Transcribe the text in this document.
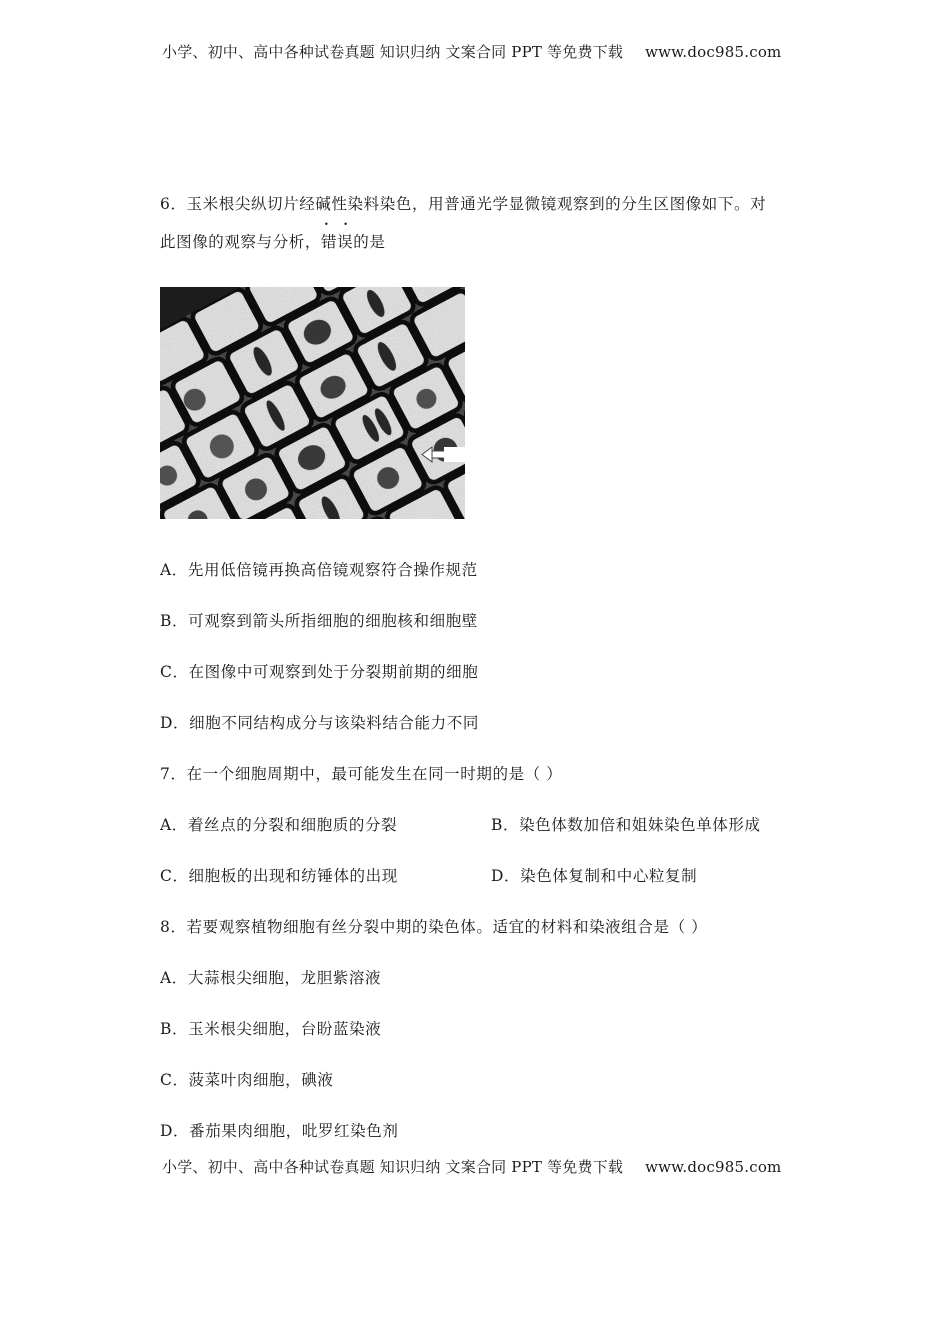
小学、初中、高中各种试卷真题 知识归纳 文案合同 PPT 等免费下载 www.doc985.com
6．玉米根尖纵切片经碱性染料染色，用普通光学显微镜观察到的分生区图像如下。对
此图像的观察与分析，• • 错误的是
A．先用低倍镜再换高倍镜观察符合操作规范
B．可观察到箭头所指细胞的细胞核和细胞壁
C．在图像中可观察到处于分裂期前期的细胞
D．细胞不同结构成分与该染料结合能力不同
7．在一个细胞周期中，最可能发生在同一时期的是（ ）
A．着丝点的分裂和细胞质的分裂	B．染色体数加倍和姐妹染色单体形成
C．细胞板的出现和纺锤体的出现	D．染色体复制和中心粒复制
8．若要观察植物细胞有丝分裂中期的染色体。适宜的材料和染液组合是（ ）
A．大蒜根尖细胞，龙胆紫溶液
B．玉米根尖细胞，台盼蓝染液
C．菠菜叶肉细胞，碘液
D．番茄果肉细胞，吡罗红染色剂
小学、初中、高中各种试卷真题 知识归纳 文案合同 PPT 等免费下载 www.doc985.com
